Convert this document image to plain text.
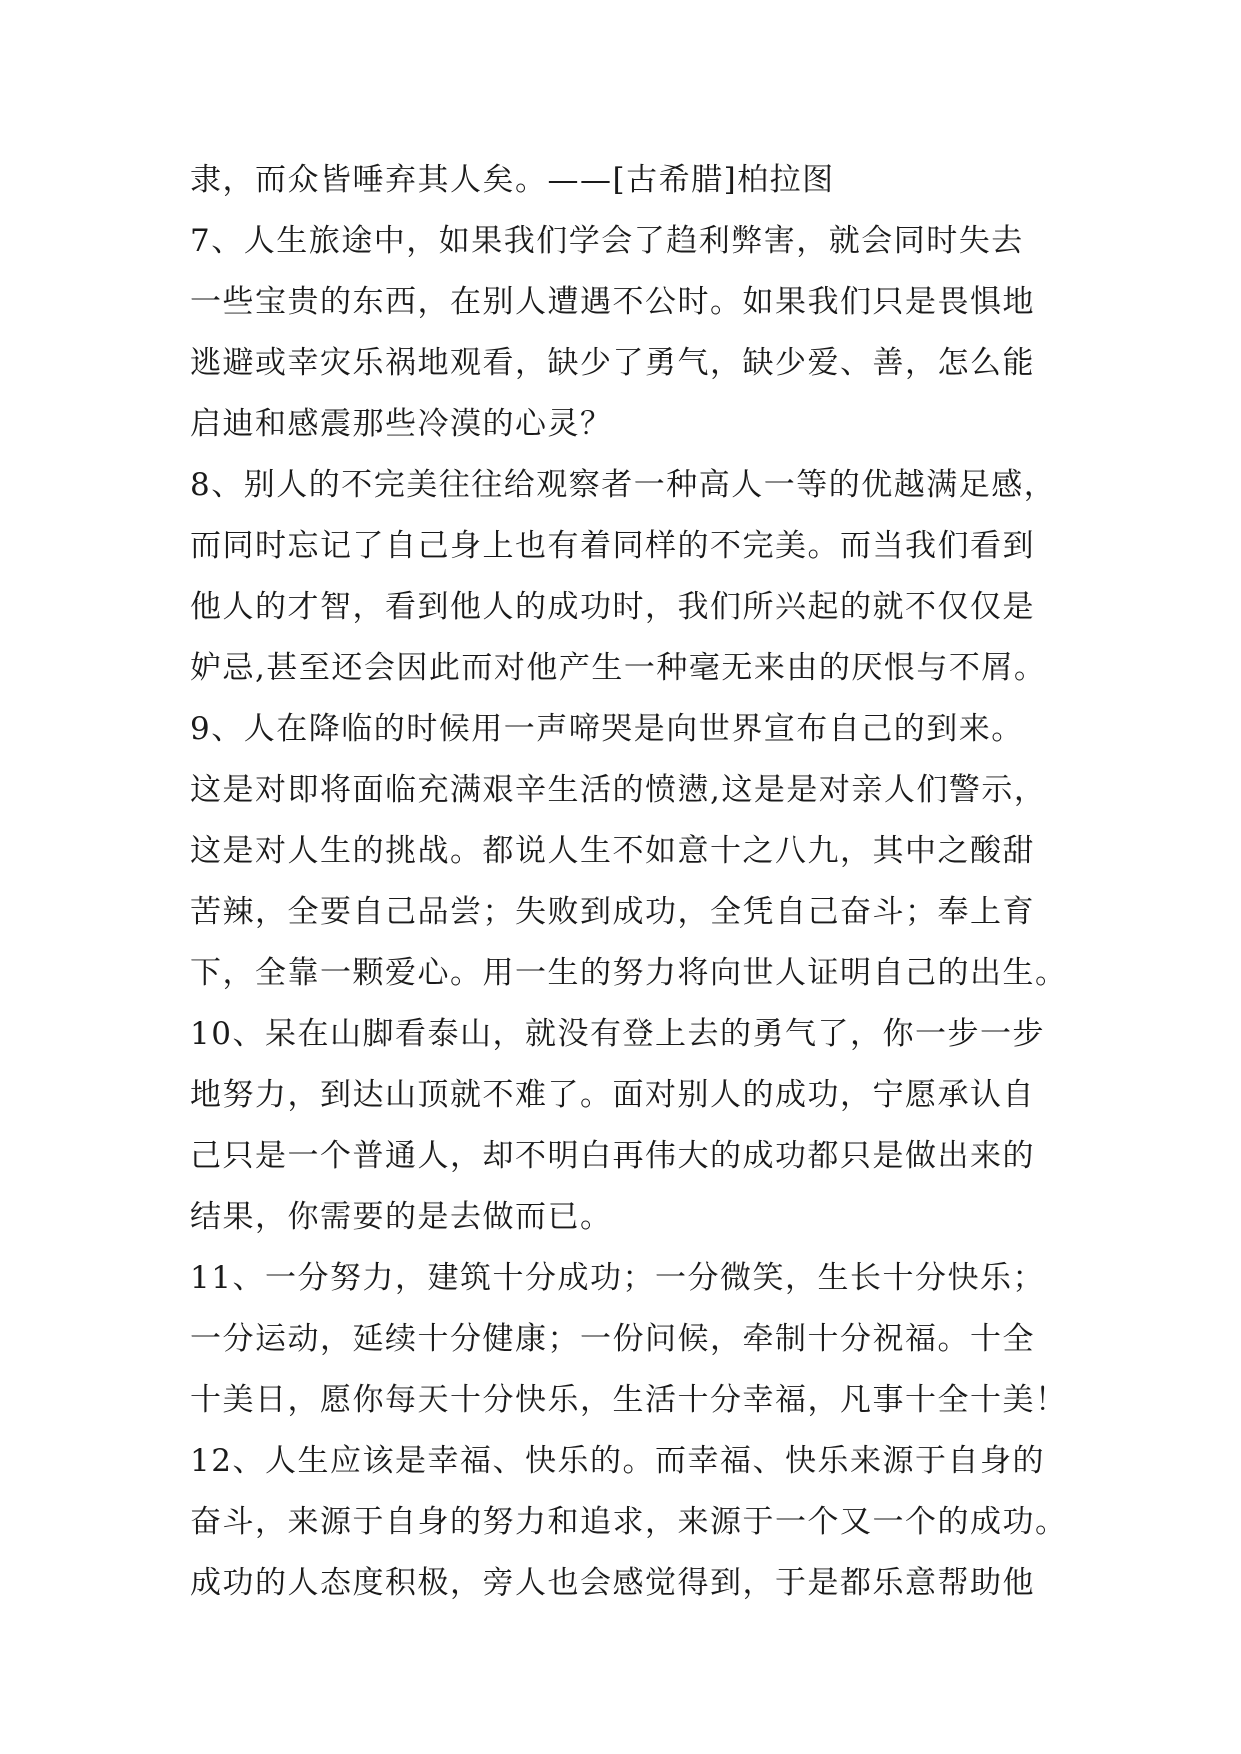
隶，而众皆唾弃其人矣。——[古希腊]柏拉图
7、人生旅途中，如果我们学会了趋利弊害，就会同时失去
一些宝贵的东西，在别人遭遇不公时。如果我们只是畏惧地
逃避或幸灾乐祸地观看，缺少了勇气，缺少爱、善，怎么能
启迪和感震那些冷漠的心灵？
8、别人的不完美往往给观察者一种高人一等的优越满足感，
而同时忘记了自己身上也有着同样的不完美。而当我们看到
他人的才智，看到他人的成功时，我们所兴起的就不仅仅是
妒忌,甚至还会因此而对他产生一种毫无来由的厌恨与不屑。
9、人在降临的时候用一声啼哭是向世界宣布自己的到来。
这是对即将面临充满艰辛生活的愤懑,这是是对亲人们警示，
这是对人生的挑战。都说人生不如意十之八九，其中之酸甜
苦辣，全要自己品尝；失败到成功，全凭自己奋斗；奉上育
下，全靠一颗爱心。用一生的努力将向世人证明自己的出生。
10、呆在山脚看泰山，就没有登上去的勇气了，你一步一步
地努力，到达山顶就不难了。面对别人的成功，宁愿承认自
己只是一个普通人，却不明白再伟大的成功都只是做出来的
结果，你需要的是去做而已。
11、一分努力，建筑十分成功；一分微笑，生长十分快乐；
一分运动，延续十分健康；一份问候，牵制十分祝福。十全
十美日，愿你每天十分快乐，生活十分幸福，凡事十全十美！
12、人生应该是幸福、快乐的。而幸福、快乐来源于自身的
奋斗，来源于自身的努力和追求，来源于一个又一个的成功。
成功的人态度积极，旁人也会感觉得到，于是都乐意帮助他
